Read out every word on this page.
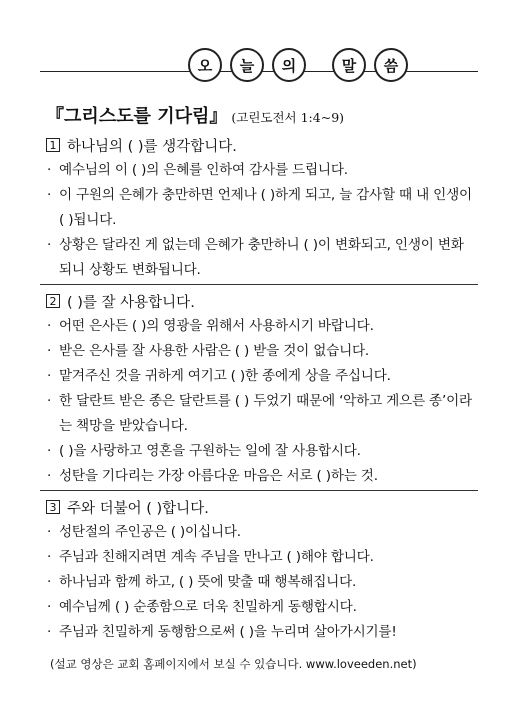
오	늘	의	말	씀
『그리스도를 기다림』 (고린도전서 1:4~9)
1 하나님의 ( )를 생각합니다.
· 예수님의 이 ( )의 은혜를 인하여 감사를 드립니다.
· 이 구원의 은혜가 충만하면 언제나 ( )하게 되고, 늘 감사할 때 내 인생이 ( )됩니다.
· 상황은 달라진 게 없는데 은혜가 충만하니 ( )이 변화되고, 인생이 변화되니 상황도 변화됩니다.
2 ( )를 잘 사용합니다.
· 어떤 은사든 ( )의 영광을 위해서 사용하시기 바랍니다.
· 받은 은사를 잘 사용한 사람은 ( ) 받을 것이 없습니다.
· 맡겨주신 것을 귀하게 여기고 ( )한 종에게 상을 주십니다.
· 한 달란트 받은 종은 달란트를 ( ) 두었기 때문에 ‘악하고 게으른 종’이라는 책망을 받았습니다.
· ( )을 사랑하고 영혼을 구원하는 일에 잘 사용합시다.
· 성탄을 기다리는 가장 아름다운 마음은 서로 ( )하는 것.
3 주와 더불어 ( )합니다.
· 성탄절의 주인공은 ( )이십니다.
· 주님과 친해지려면 계속 주님을 만나고 ( )해야 합니다.
· 하나님과 함께 하고, ( ) 뜻에 맞출 때 행복해집니다.
· 예수님께 ( ) 순종함으로 더욱 친밀하게 동행합시다.
· 주님과 친밀하게 동행함으로써 ( )을 누리며 살아가시기를!
(설교 영상은 교회 홈페이지에서 보실 수 있습니다. www.loveeden.net)
